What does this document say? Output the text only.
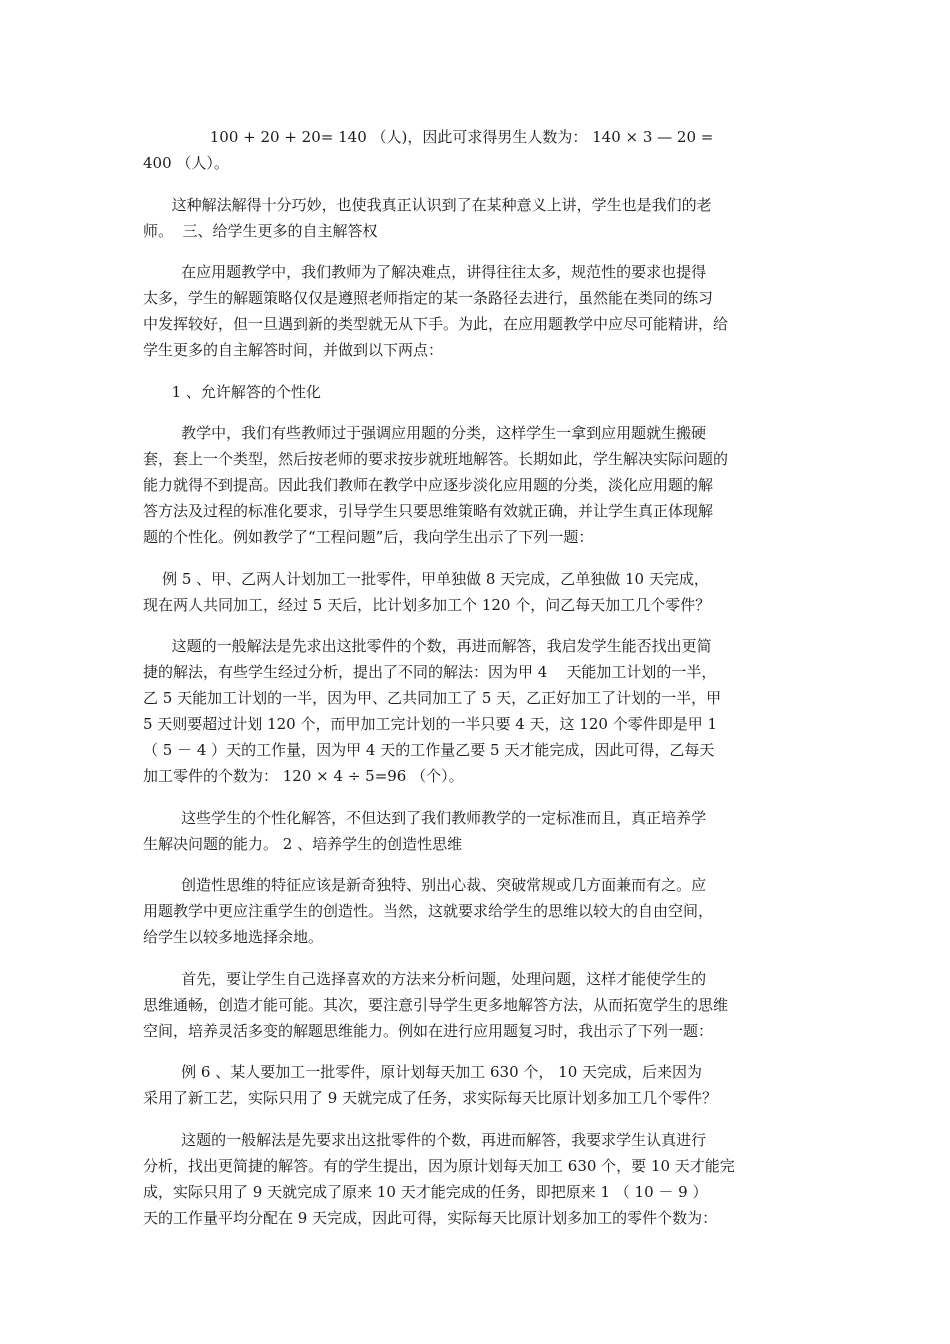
100 + 20 + 20= 140 （人)，因此可求得男生人数为： 140 × 3 — 20 =
400 （人）。
这种解法解得十分巧妙，也使我真正认识到了在某种意义上讲，学生也是我们的老
师。  三、给学生更多的自主解答权
在应用题教学中，我们教师为了解决难点，讲得往往太多，规范性的要求也提得
太多，学生的解题策略仅仅是遵照老师指定的某一条路径去进行，虽然能在类同的练习
中发挥较好，但一旦遇到新的类型就无从下手。为此，在应用题教学中应尽可能精讲，给
学生更多的自主解答时间，并做到以下两点：
1 、允许解答的个性化
教学中，我们有些教师过于强调应用题的分类，这样学生一拿到应用题就生搬硬
套，套上一个类型，然后按老师的要求按步就班地解答。长期如此，学生解决实际问题的
能力就得不到提高。因此我们教师在教学中应逐步淡化应用题的分类，淡化应用题的解
答方法及过程的标准化要求，引导学生只要思维策略有效就正确，并让学生真正体现解
题的个性化。例如教学了“工程问题”后，我向学生出示了下列一题：
例 5 、甲、乙两人计划加工一批零件，甲单独做 8 天完成，乙单独做 10 天完成，
现在两人共同加工，经过 5 天后，比计划多加工个 120 个，问乙每天加工几个零件？
这题的一般解法是先求出这批零件的个数，再进而解答，我启发学生能否找出更简
捷的解法，有些学生经过分析，提出了不同的解法：因为甲 4    天能加工计划的一半，
乙 5 天能加工计划的一半，因为甲、乙共同加工了 5 天，乙正好加工了计划的一半，甲
5 天则要超过计划 120 个，而甲加工完计划的一半只要 4 天，这 120 个零件即是甲 1
（ 5 － 4 ）天的工作量，因为甲 4 天的工作量乙要 5 天才能完成，因此可得，乙每天
加工零件的个数为： 120 × 4 ÷ 5=96 （个）。
这些学生的个性化解答，不但达到了我们教师教学的一定标准而且，真正培养学
生解决问题的能力。 2 、培养学生的创造性思维
创造性思维的特征应该是新奇独特、别出心裁、突破常规或几方面兼而有之。应
用题教学中更应注重学生的创造性。当然，这就要求给学生的思维以较大的自由空间，
给学生以较多地选择余地。
首先，要让学生自己选择喜欢的方法来分析问题，处理问题，这样才能使学生的
思维通畅，创造才能可能。其次，要注意引导学生更多地解答方法，从而拓宽学生的思维
空间，培养灵活多变的解题思维能力。例如在进行应用题复习时，我出示了下列一题：
例 6 、某人要加工一批零件，原计划每天加工 630 个， 10 天完成，后来因为
采用了新工艺，实际只用了 9 天就完成了任务，求实际每天比原计划多加工几个零件？
这题的一般解法是先要求出这批零件的个数，再进而解答，我要求学生认真进行
分析，找出更简捷的解答。有的学生提出，因为原计划每天加工 630 个，要 10 天才能完
成，实际只用了 9 天就完成了原来 10 天才能完成的任务，即把原来 1 （ 10 － 9 ）
天的工作量平均分配在 9 天完成，因此可得，实际每天比原计划多加工的零件个数为：
